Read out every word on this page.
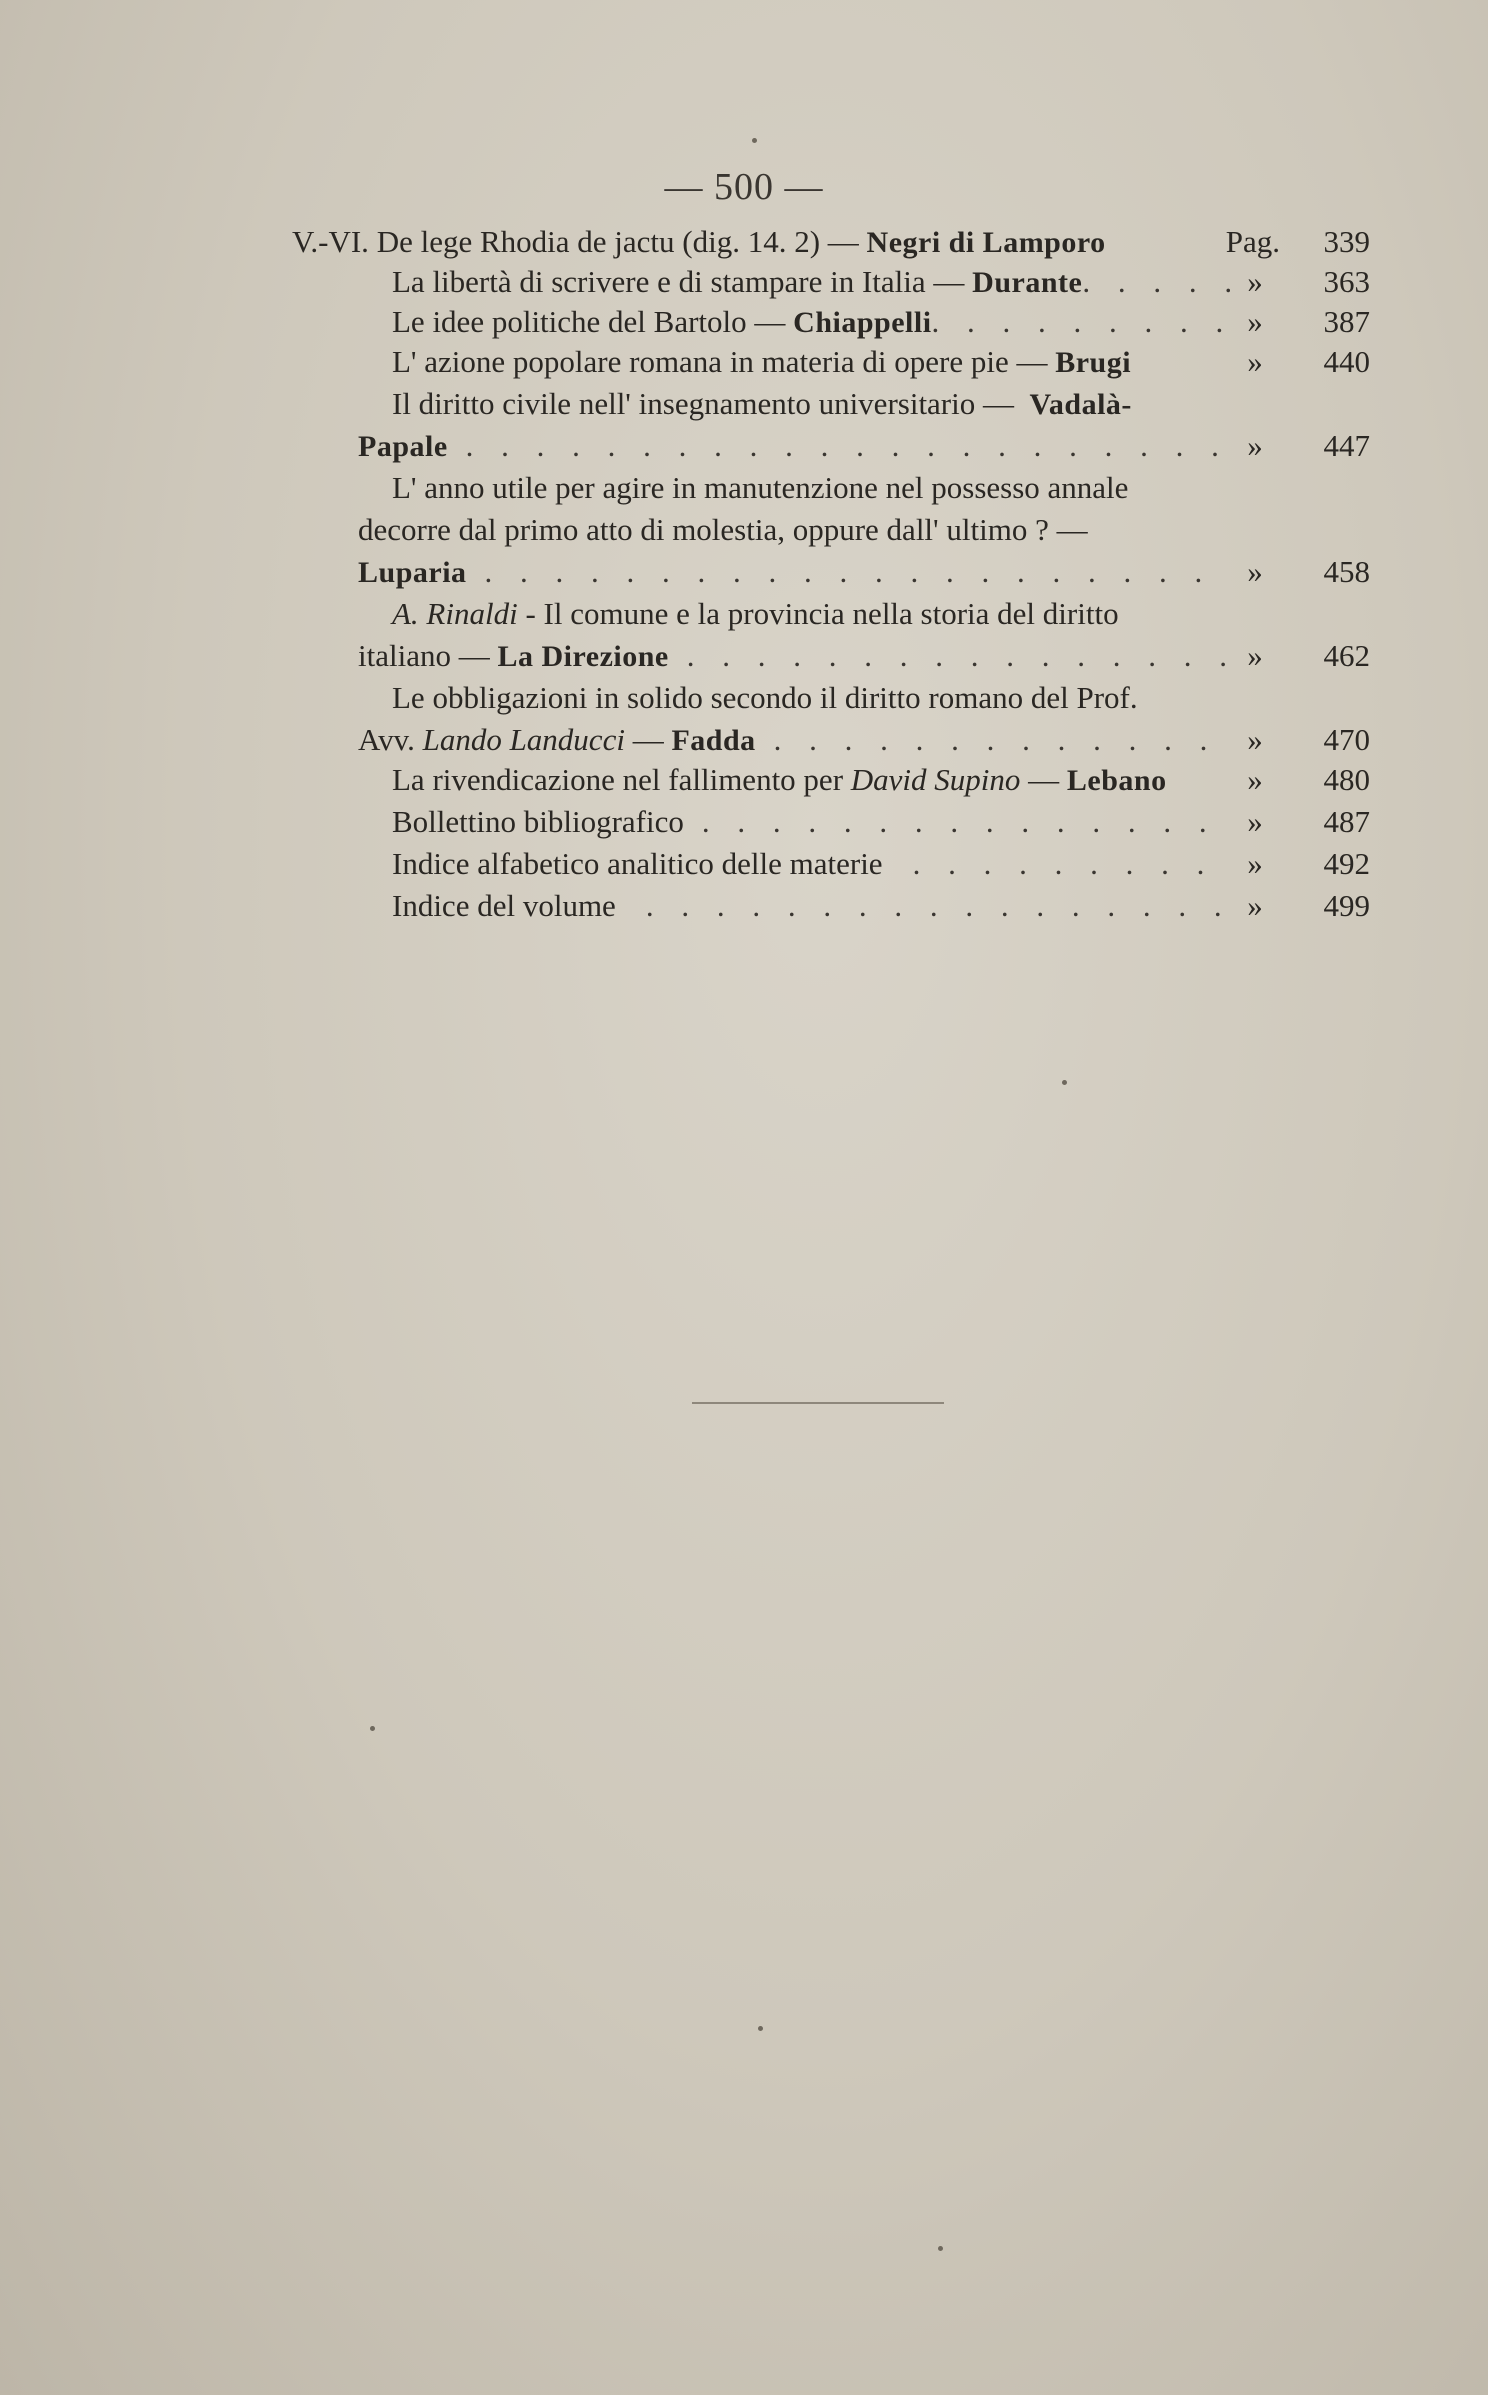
— 500 —
V.-VI.
De lege Rhodia de jactu (dig. 14. 2) —
Negri di Lamporo	Pag.	339
La libertà di scrivere e di stampare in Italia —
Durante . . .	»	363
Le idee politiche del Bartolo —
Chiappelli . . .	»	387
L' azione popolare romana in materia di opere pie —
Brugi	»	440
Il diritto civile nell' insegnamento universitario — Vadalà-
Papale . . .	»	447
L' anno utile per agire in manutenzione nel possesso annale
decorre dal primo atto di molestia, oppure dall' ultimo ? —
Luparia . . .	»	458
A. Rinaldi - Il comune e la provincia nella storia del diritto
italiano —
La Direzione . . .	»	462
Le obbligazioni in solido secondo il diritto romano del Prof.
Avv.
Lando Landucci
—
Fadda . . .	»	470
La rivendicazione nel fallimento per
David Supino
—
Lebano	»	480
Bollettino bibliografico . . .	»	487
Indice alfabetico analitico delle materie . . .	»	492
Indice del volume . . .	»	499
